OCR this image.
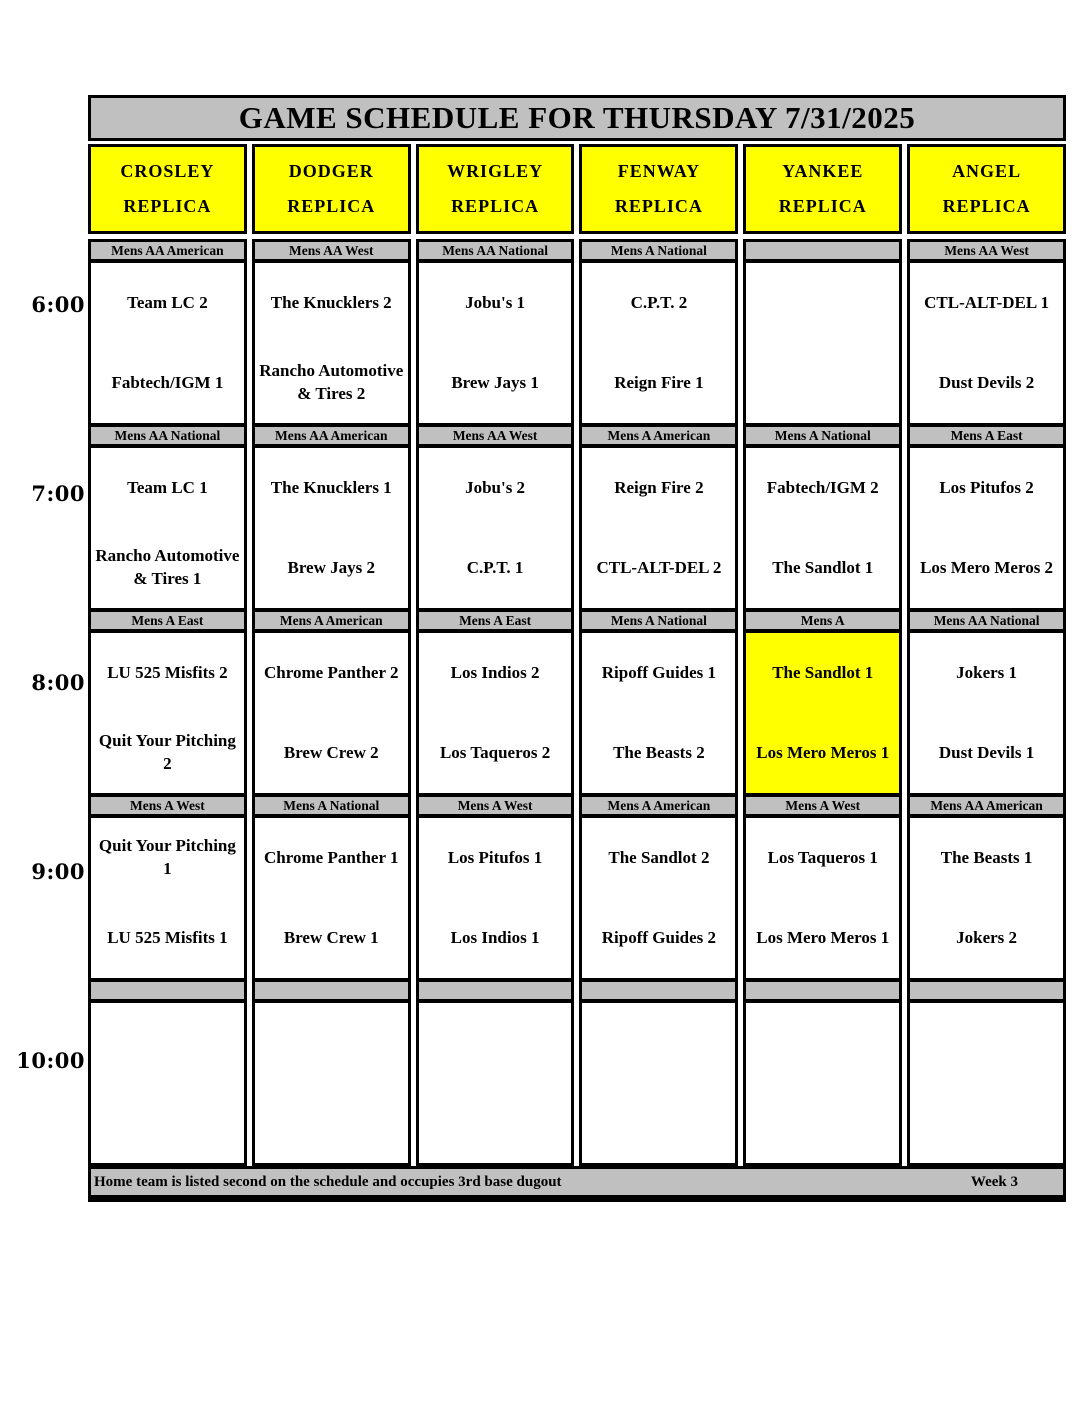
6:00
7:00
8:00
9:00
10:00
GAME SCHEDULE FOR THURSDAY 7/31/2025
CROSLEY
REPLICA
Mens AA American
Team LC 2
Fabtech/IGM 1
Mens AA National
Team LC 1
Rancho Automotive & Tires 1
Mens A East
LU 525 Misfits 2
Quit Your Pitching 2
Mens A West
Quit Your Pitching 1
LU 525 Misfits 1
DODGER
REPLICA
Mens AA West
The Knucklers 2
Rancho Automotive & Tires 2
Mens AA American
The Knucklers 1
Brew Jays 2
Mens A American
Chrome Panther 2
Brew Crew 2
Mens A National
Chrome Panther 1
Brew Crew 1
WRIGLEY
REPLICA
Mens AA National
Jobu's 1
Brew Jays 1
Mens AA West
Jobu's 2
C.P.T. 1
Mens A East
Los Indios 2
Los Taqueros 2
Mens A West
Los Pitufos 1
Los Indios 1
FENWAY
REPLICA
Mens A National
C.P.T. 2
Reign Fire 1
Mens A American
Reign Fire 2
CTL-ALT-DEL 2
Mens A National
Ripoff Guides 1
The Beasts 2
Mens A American
The Sandlot 2
Ripoff Guides 2
YANKEE
REPLICA
Mens A National
Fabtech/IGM 2
The Sandlot 1
Mens A
The Sandlot 1
Los Mero Meros 1
Mens A West
Los Taqueros 1
Los Mero Meros 1
ANGEL
REPLICA
Mens AA West
CTL-ALT-DEL 1
Dust Devils 2
Mens A East
Los Pitufos 2
Los Mero Meros 2
Mens AA National
Jokers 1
Dust Devils 1
Mens AA American
The Beasts 1
Jokers 2
Home team is listed second on the schedule and occupies 3rd base dugout	Week 3
